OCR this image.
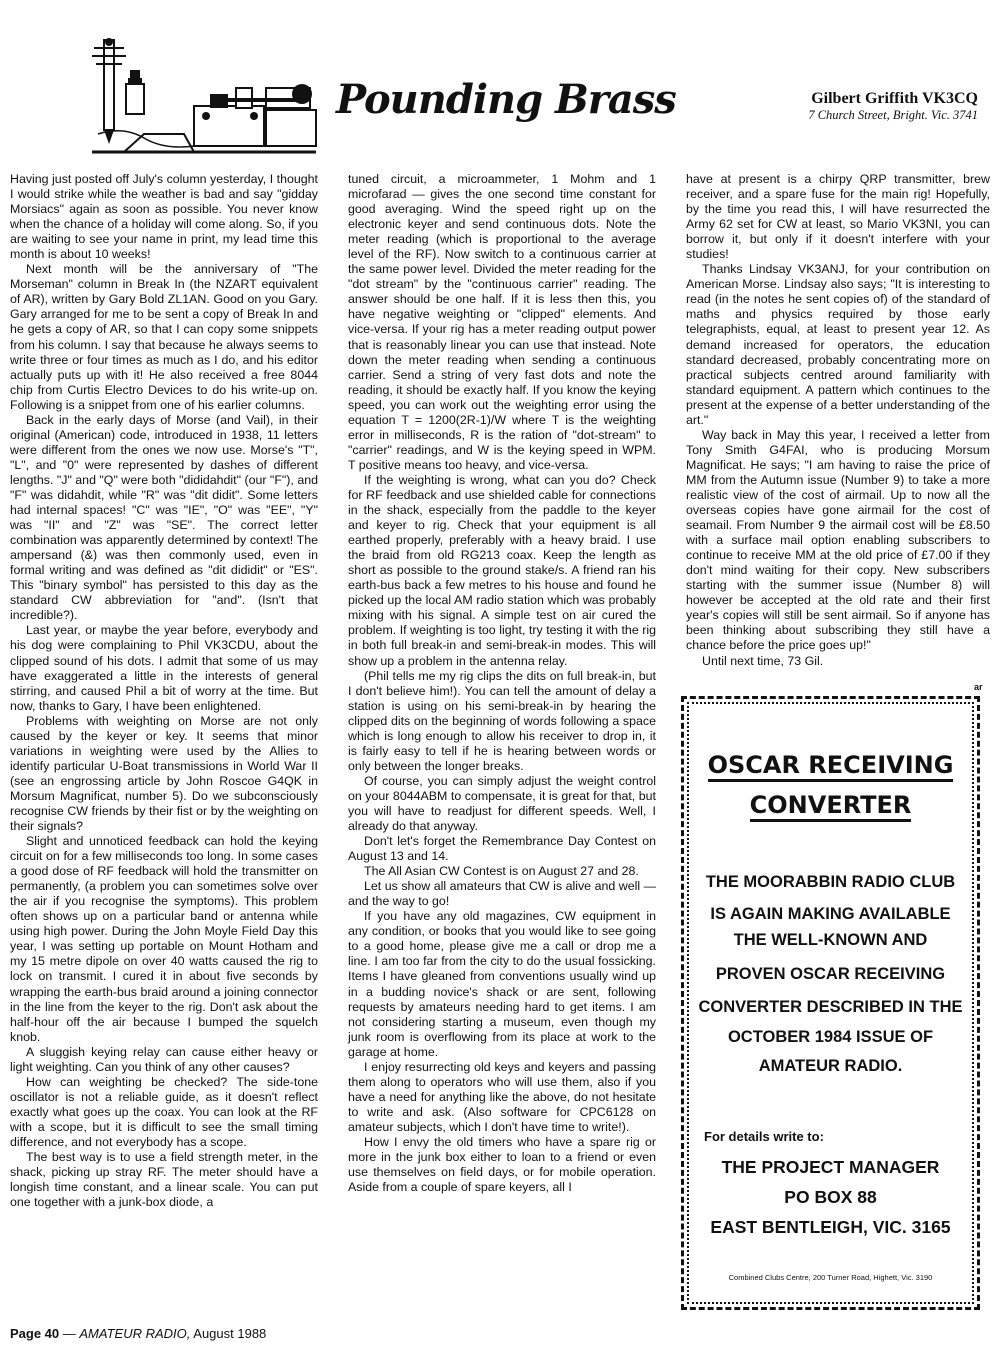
Pounding Brass	Gilbert Griffith VK3CQ
7 Church Street, Bright. Vic. 3741

Having just posted off July's column yesterday, I thought I would strike while the weather is bad and say "gidday Morsiacs" again as soon as possible. You never know when the chance of a holiday will come along. So, if you are waiting to see your name in print, my lead time this month is about 10 weeks!

Next month will be the anniversary of "The Morseman" column in Break In (the NZART equivalent of AR), written by Gary Bold ZL1AN. Good on you Gary. Gary arranged for me to be sent a copy of Break In and he gets a copy of AR, so that I can copy some snippets from his column. I say that because he always seems to write three or four times as much as I do, and his editor actually puts up with it! He also received a free 8044 chip from Curtis Electro Devices to do his write-up on. Following is a snippet from one of his earlier columns.

Back in the early days of Morse (and Vail), in their original (American) code, introduced in 1938, 11 letters were different from the ones we now use. Morse's "T", "L", and "0" were represented by dashes of different lengths. "J" and "Q" were both "dididahdit" (our "F"), and "F" was didahdit, while "R" was "dit didit". Some letters had internal spaces! "C" was "IE", "O" was "EE", "Y" was "II" and "Z" was "SE". The correct letter combination was apparently determined by context! The ampersand (&) was then commonly used, even in formal writing and was defined as "dit dididit" or "ES". This "binary symbol" has persisted to this day as the standard CW abbreviation for "and". (Isn't that incredible?).

Last year, or maybe the year before, everybody and his dog were complaining to Phil VK3CDU, about the clipped sound of his dots. I admit that some of us may have exaggerated a little in the interests of general stirring, and caused Phil a bit of worry at the time. But now, thanks to Gary, I have been enlightened.

Problems with weighting on Morse are not only caused by the keyer or key. It seems that minor variations in weighting were used by the Allies to identify particular U-Boat transmissions in World War II (see an engrossing article by John Roscoe G4QK in Morsum Magnificat, number 5). Do we subconsciously recognise CW friends by their fist or by the weighting on their signals?

Slight and unnoticed feedback can hold the keying circuit on for a few milliseconds too long. In some cases a good dose of RF feedback will hold the transmitter on permanently, (a problem you can sometimes solve over the air if you recognise the symptoms). This problem often shows up on a particular band or antenna while using high power. During the John Moyle Field Day this year, I was setting up portable on Mount Hotham and my 15 metre dipole on over 40 watts caused the rig to lock on transmit. I cured it in about five seconds by wrapping the earth-bus braid around a joining connector in the line from the keyer to the rig. Don't ask about the half-hour off the air because I bumped the squelch knob.

A sluggish keying relay can cause either heavy or light weighting. Can you think of any other causes?

How can weighting be checked? The side-tone oscillator is not a reliable guide, as it doesn't reflect exactly what goes up the coax. You can look at the RF with a scope, but it is difficult to see the small timing difference, and not everybody has a scope.

The best way is to use a field strength meter, in the shack, picking up stray RF. The meter should have a longish time constant, and a linear scale. You can put one together with a junk-box diode, a

tuned circuit, a microammeter, 1 Mohm and 1 microfarad — gives the one second time constant for good averaging. Wind the speed right up on the electronic keyer and send continuous dots. Note the meter reading (which is proportional to the average level of the RF). Now switch to a continuous carrier at the same power level. Divided the meter reading for the "dot stream" by the "continuous carrier" reading. The answer should be one half. If it is less then this, you have negative weighting or "clipped" elements. And vice-versa. If your rig has a meter reading output power that is reasonably linear you can use that instead. Note down the meter reading when sending a continuous carrier. Send a string of very fast dots and note the reading, it should be exactly half. If you know the keying speed, you can work out the weighting error using the equation T = 1200(2R-1)/W where T is the weighting error in milliseconds, R is the ration of "dot-stream" to "carrier" readings, and W is the keying speed in WPM. T positive means too heavy, and vice-versa.

If the weighting is wrong, what can you do? Check for RF feedback and use shielded cable for connections in the shack, especially from the paddle to the keyer and keyer to rig. Check that your equipment is all earthed properly, preferably with a heavy braid. I use the braid from old RG213 coax. Keep the length as short as possible to the ground stake/s. A friend ran his earth-bus back a few metres to his house and found he picked up the local AM radio station which was probably mixing with his signal. A simple test on air cured the problem. If weighting is too light, try testing it with the rig in both full break-in and semi-break-in modes. This will show up a problem in the antenna relay.

(Phil tells me my rig clips the dits on full break-in, but I don't believe him!). You can tell the amount of delay a station is using on his semi-break-in by hearing the clipped dits on the beginning of words following a space which is long enough to allow his receiver to drop in, it is fairly easy to tell if he is hearing between words or only between the longer breaks.

Of course, you can simply adjust the weight control on your 8044ABM to compensate, it is great for that, but you will have to readjust for different speeds. Well, I already do that anyway.

Don't let's forget the Remembrance Day Contest on August 13 and 14.

The All Asian CW Contest is on August 27 and 28.

Let us show all amateurs that CW is alive and well — and the way to go!

If you have any old magazines, CW equipment in any condition, or books that you would like to see going to a good home, please give me a call or drop me a line. I am too far from the city to do the usual fossicking. Items I have gleaned from conventions usually wind up in a budding novice's shack or are sent, following requests by amateurs needing hard to get items. I am not considering starting a museum, even though my junk room is overflowing from its place at work to the garage at home.

I enjoy resurrecting old keys and keyers and passing them along to operators who will use them, also if you have a need for anything like the above, do not hesitate to write and ask. (Also software for CPC6128 on amateur subjects, which I don't have time to write!).

How I envy the old timers who have a spare rig or more in the junk box either to loan to a friend or even use themselves on field days, or for mobile operation. Aside from a couple of spare keyers, all I

have at present is a chirpy QRP transmitter, brew receiver, and a spare fuse for the main rig! Hopefully, by the time you read this, I will have resurrected the Army 62 set for CW at least, so Mario VK3NI, you can borrow it, but only if it doesn't interfere with your studies!

Thanks Lindsay VK3ANJ, for your contribution on American Morse. Lindsay also says; "It is interesting to read (in the notes he sent copies of) of the standard of maths and physics required by those early telegraphists, equal, at least to present year 12. As demand increased for operators, the education standard decreased, probably concentrating more on practical subjects centred around familiarity with standard equipment. A pattern which continues to the present at the expense of a better understanding of the art."

Way back in May this year, I received a letter from Tony Smith G4FAI, who is producing Morsum Magnificat. He says; "I am having to raise the price of MM from the Autumn issue (Number 9) to take a more realistic view of the cost of airmail. Up to now all the overseas copies have gone airmail for the cost of seamail. From Number 9 the airmail cost will be £8.50 with a surface mail option enabling subscribers to continue to receive MM at the old price of £7.00 if they don't mind waiting for their copy. New subscribers starting with the summer issue (Number 8) will however be accepted at the old rate and their first year's copies will still be sent airmail. So if anyone has been thinking about subscribing they still have a chance before the price goes up!"

Until next time, 73 Gil.

ar
OSCAR RECEIVING
CONVERTER
THE MOORABBIN RADIO CLUB
IS AGAIN MAKING AVAILABLE
THE WELL-KNOWN AND
PROVEN OSCAR RECEIVING
CONVERTER DESCRIBED IN THE
OCTOBER 1984 ISSUE OF
AMATEUR RADIO.
For details write to:
THE PROJECT MANAGER
PO BOX 88
EAST BENTLEIGH, VIC. 3165
Combined Clubs Centre, 200 Turner Road, Highett, Vic. 3190
Page 40 — AMATEUR RADIO, August 1988
